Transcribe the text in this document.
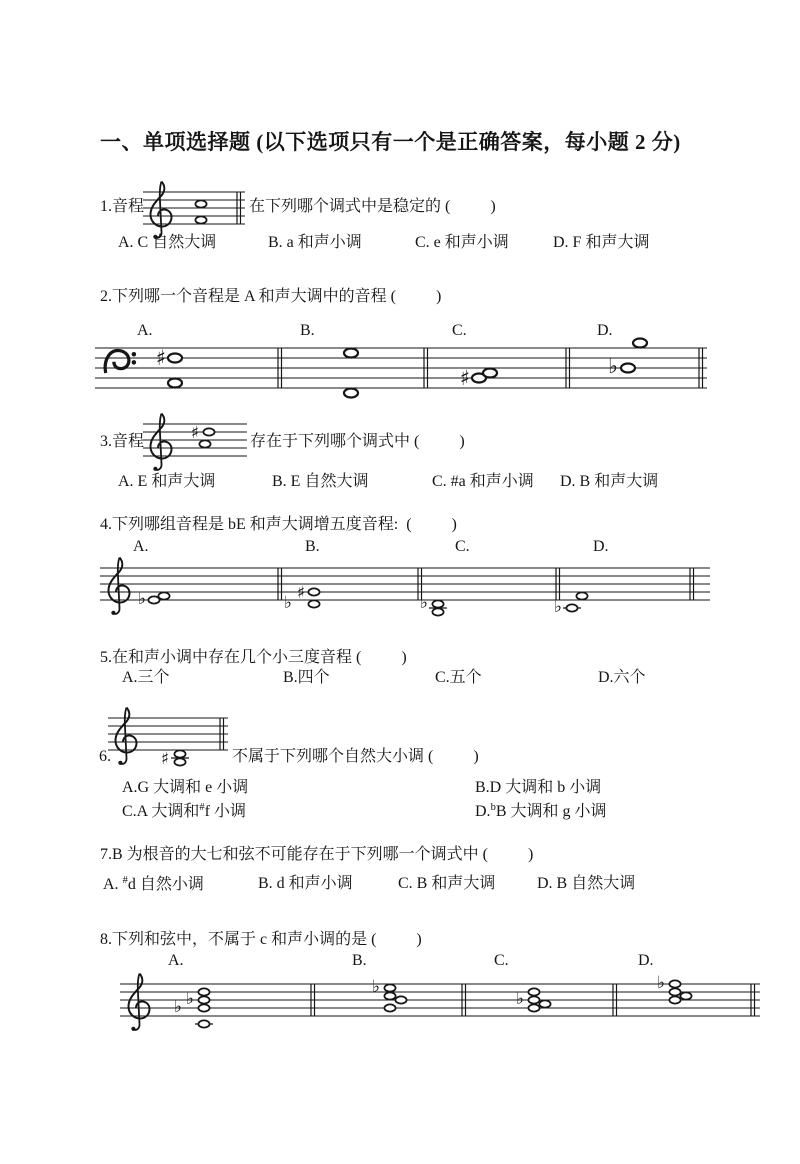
一、单项选择题 (以下选项只有一个是正确答案，每小题 2 分)
1.音程	在下列哪个调式中是稳定的 (          )
A. C 自然大调	B. a 和声小调	C. e 和声小调	D. F 和声大调
2.下列哪一个音程是 A 和声大调中的音程 (          )
A.	B.	C.	D.
♯
♯
♭
3.音程	♯	存在于下列哪个调式中 (          )
A. E 和声大调	B. E 自然大调	C. #a 和声小调 D. B 和声大调
4.下列哪组音程是 bE 和声大调增五度音程:  (          )
A.	B.	C.	D.
♭	♭
♯
♭	♭
5.在和声小调中存在几个小三度音程 (          )
A.三个	B.四个	C.五个	D.六个
♯
6.	不属于下列哪个自然大小调 (          )
A.G 大调和 e 小调	B.D 大调和 b 小调
C.A 大调和#f 小调	D.$^b$B 大调和 g 小调
7.B 为根音的大七和弦不可能存在于下列哪一个调式中 (          )
A. #d 自然小调	B. d 和声小调	C. B 和声大调	D. B 自然大调
8.下列和弦中，不属于 c 和声小调的是 (          )
A.	B.	C.	D.
♭
♭
♭
♭
♭
